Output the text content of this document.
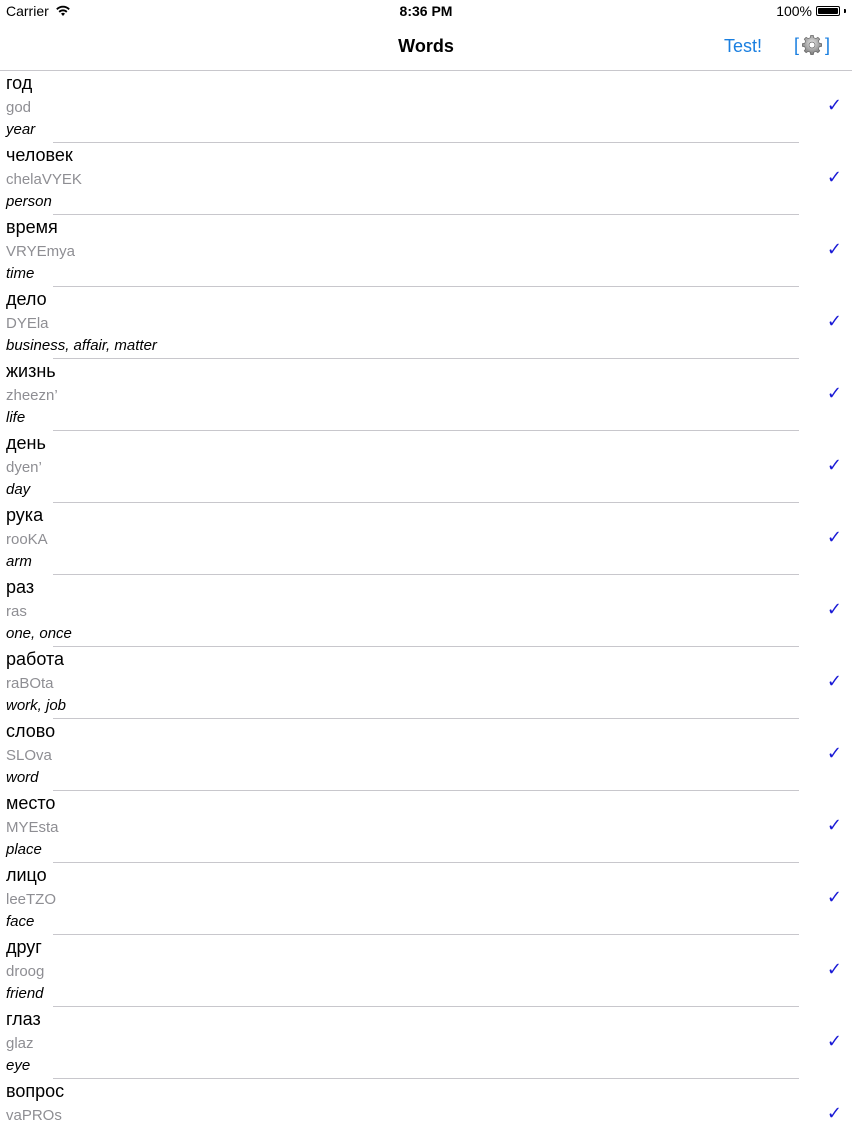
Carrier	8:36 PM	100%
Words	Test! [ ]
год
god
year
✓
человек
chelaVYEK
person
✓
время
VRYEmya
time
✓
дело
DYEla
business, affair, matter
✓
жизнь
zheezn’
life
✓
день
dyen’
day
✓
рука
rooKA
arm
✓
раз
ras
one, once
✓
работа
raBOta
work, job
✓
слово
SLOva
word
✓
место
MYEsta
place
✓
лицо
leeTZO
face
✓
друг
droog
friend
✓
глаз
glaz
eye
✓
вопрос
vaPROs	✓
